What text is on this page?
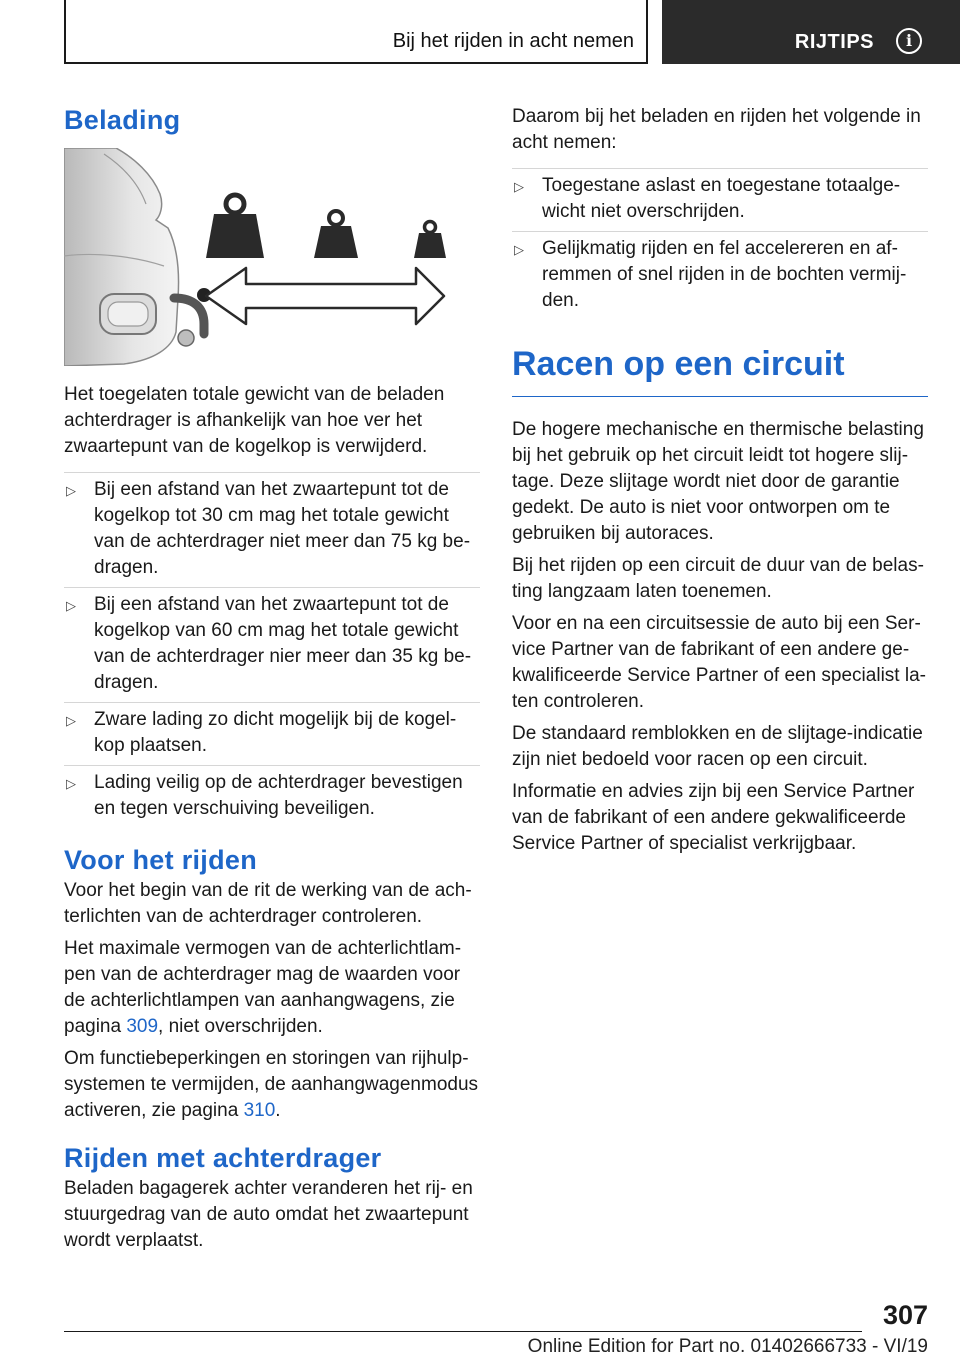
Bij het rijden in acht nemen	RIJTIPS	i
Belading

Het toegelaten totale gewicht van de beladen achterdrager is afhankelijk van hoe ver het zwaartepunt van de kogelkop is verwijderd.

▷ Bij een afstand van het zwaartepunt tot de kogelkop tot 30 cm mag het totale gewicht van de achterdrager niet meer dan 75 kg bedragen.
▷ Bij een afstand van het zwaartepunt tot de kogelkop van 60 cm mag het totale gewicht van de achterdrager nier meer dan 35 kg bedragen.
▷ Zware lading zo dicht mogelijk bij de kogelkop plaatsen.
▷ Lading veilig op de achterdrager bevestigen en tegen verschuiving beveiligen.
Voor het rijden

Voor het begin van de rit de werking van de achterlichten van de achterdrager controleren.

Het maximale vermogen van de achterlichtlampen van de achterdrager mag de waarden voor de achterlichtlampen van aanhangwagens, zie pagina 309, niet overschrijden.

Om functiebeperkingen en storingen van rijhulpsystemen te vermijden, de aanhangwagenmodus activeren, zie pagina 310.

Rijden met achterdrager

Beladen bagagerek achter veranderen het rij- en stuurgedrag van de auto omdat het zwaartepunt wordt verplaatst.

Daarom bij het beladen en rijden het volgende in acht nemen:

▷ Toegestane aslast en toegestane totaalgewicht niet overschrijden.
▷ Gelijkmatig rijden en fel accelereren en afremmen of snel rijden in de bochten vermijden.
Racen op een circuit

De hogere mechanische en thermische belasting bij het gebruik op het circuit leidt tot hogere slijtage. Deze slijtage wordt niet door de garantie gedekt. De auto is niet voor ontworpen om te gebruiken bij autoraces.

Bij het rijden op een circuit de duur van de belasting langzaam laten toenemen.

Voor en na een circuitsessie de auto bij een Service Partner van de fabrikant of een andere gekwalificeerde Service Partner of een specialist laten controleren.

De standaard remblokken en de slijtage-indicatie zijn niet bedoeld voor racen op een circuit.

Informatie en advies zijn bij een Service Partner van de fabrikant of een andere gekwalificeerde Service Partner of specialist verkrijgbaar.

307
Online Edition for Part no. 01402666733 - VI/19
